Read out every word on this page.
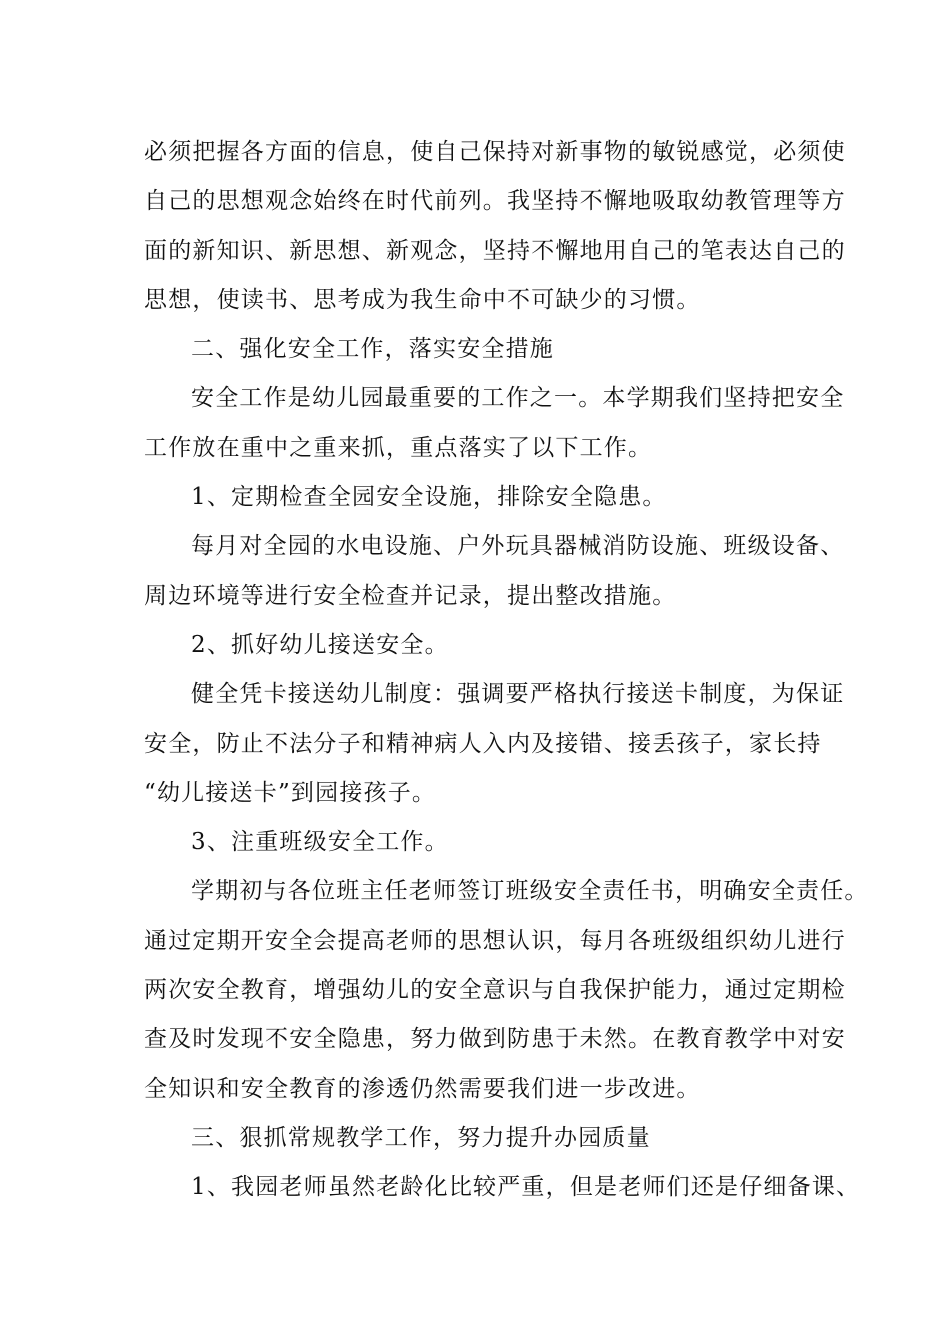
必须把握各方面的信息，使自己保持对新事物的敏锐感觉，必须使
自己的思想观念始终在时代前列。我坚持不懈地吸取幼教管理等方
面的新知识、新思想、新观念，坚持不懈地用自己的笔表达自己的
思想，使读书、思考成为我生命中不可缺少的习惯。
二、强化安全工作，落实安全措施
安全工作是幼儿园最重要的工作之一。本学期我们坚持把安全
工作放在重中之重来抓，重点落实了以下工作。
1、定期检查全园安全设施，排除安全隐患。
每月对全园的水电设施、户外玩具器械消防设施、班级设备、
周边环境等进行安全检查并记录，提出整改措施。
2、抓好幼儿接送安全。
健全凭卡接送幼儿制度：强调要严格执行接送卡制度，为保证
安全，防止不法分子和精神病人入内及接错、接丢孩子，家长持
“幼儿接送卡”到园接孩子。
3、注重班级安全工作。
学期初与各位班主任老师签订班级安全责任书，明确安全责任。
通过定期开安全会提高老师的思想认识，每月各班级组织幼儿进行
两次安全教育，增强幼儿的安全意识与自我保护能力，通过定期检
查及时发现不安全隐患，努力做到防患于未然。在教育教学中对安
全知识和安全教育的渗透仍然需要我们进一步改进。
三、狠抓常规教学工作，努力提升办园质量
1、我园老师虽然老龄化比较严重，但是老师们还是仔细备课、
